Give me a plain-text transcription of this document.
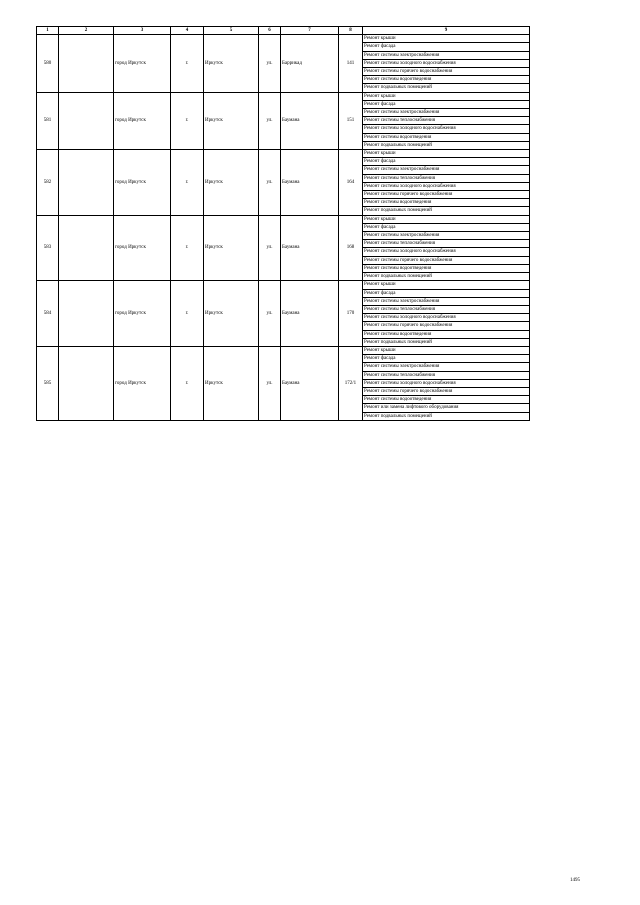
1	2	3	4	5	6	7	8	9
580		город Иркутск	г.	Иркутск	ул.	Баррикад	141	Ремонт крыши
								Ремонт фасада
								Ремонт системы электроснабжения
								Ремонт системы холодного водоснабжения
								Ремонт системы горячего водоснабжения
								Ремонт системы водоотведения
								Ремонт подвальных помещений
581		город Иркутск	г.	Иркутск	ул.	Баумана	151	Ремонт крыши
								Ремонт фасада
								Ремонт системы электроснабжения
								Ремонт системы теплоснабжения
								Ремонт системы холодного водоснабжения
								Ремонт системы водоотведения
								Ремонт подвальных помещений
582		город Иркутск	г.	Иркутск	ул.	Баумана	164	Ремонт крыши
								Ремонт фасада
								Ремонт системы электроснабжения
								Ремонт системы теплоснабжения
								Ремонт системы холодного водоснабжения
								Ремонт системы горячего водоснабжения
								Ремонт системы водоотведения
								Ремонт подвальных помещений
583		город Иркутск	г.	Иркутск	ул.	Баумана	168	Ремонт крыши
								Ремонт фасада
								Ремонт системы электроснабжения
								Ремонт системы теплоснабжения
								Ремонт системы холодного водоснабжения
								Ремонт системы горячего водоснабжения
								Ремонт системы водоотведения
								Ремонт подвальных помещений
584		город Иркутск	г.	Иркутск	ул.	Баумана	170	Ремонт крыши
								Ремонт фасада
								Ремонт системы электроснабжения
								Ремонт системы теплоснабжения
								Ремонт системы холодного водоснабжения
								Ремонт системы горячего водоснабжения
								Ремонт системы водоотведения
								Ремонт подвальных помещений
585		город Иркутск	г.	Иркутск	ул.	Баумана	172/1	Ремонт крыши
								Ремонт фасада
								Ремонт системы электроснабжения
								Ремонт системы теплоснабжения
								Ремонт системы холодного водоснабжения
								Ремонт системы горячего водоснабжения
								Ремонт системы водоотведения
								Ремонт или замена лифтового оборудования
								Ремонт подвальных помещений
1495
